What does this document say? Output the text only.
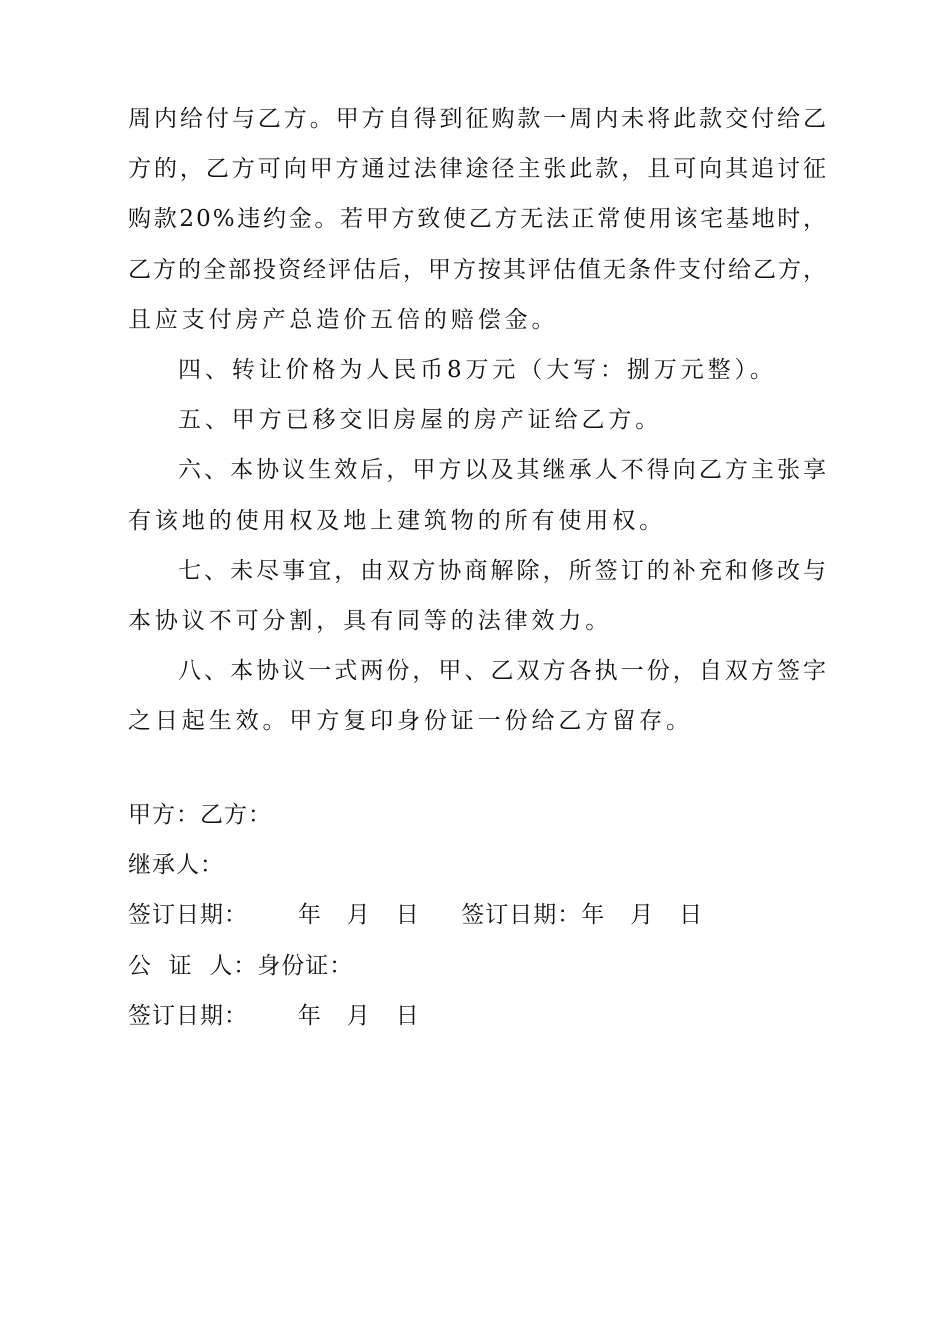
周内给付与乙方。甲方自得到征购款一周内未将此款交付给乙
方的，乙方可向甲方通过法律途径主张此款，且可向其追讨征
购款20%违约金。若甲方致使乙方无法正常使用该宅基地时，
乙方的全部投资经评估后，甲方按其评估值无条件支付给乙方，
且应支付房产总造价五倍的赔偿金。
四、转让价格为人民币8万元（大写：捌万元整）。
五、甲方已移交旧房屋的房产证给乙方。
六、本协议生效后，甲方以及其继承人不得向乙方主张享
有该地的使用权及地上建筑物的所有使用权。
七、未尽事宜，由双方协商解除，所签订的补充和修改与
本协议不可分割，具有同等的法律效力。
八、本协议一式两份，甲、乙双方各执一份，自双方签字
之日起生效。甲方复印身份证一份给乙方留存。
甲方：乙方：
继承人：
签订日期：      年   月   日     签订日期：年   月   日
公  证  人：身份证：
签订日期：      年   月   日
